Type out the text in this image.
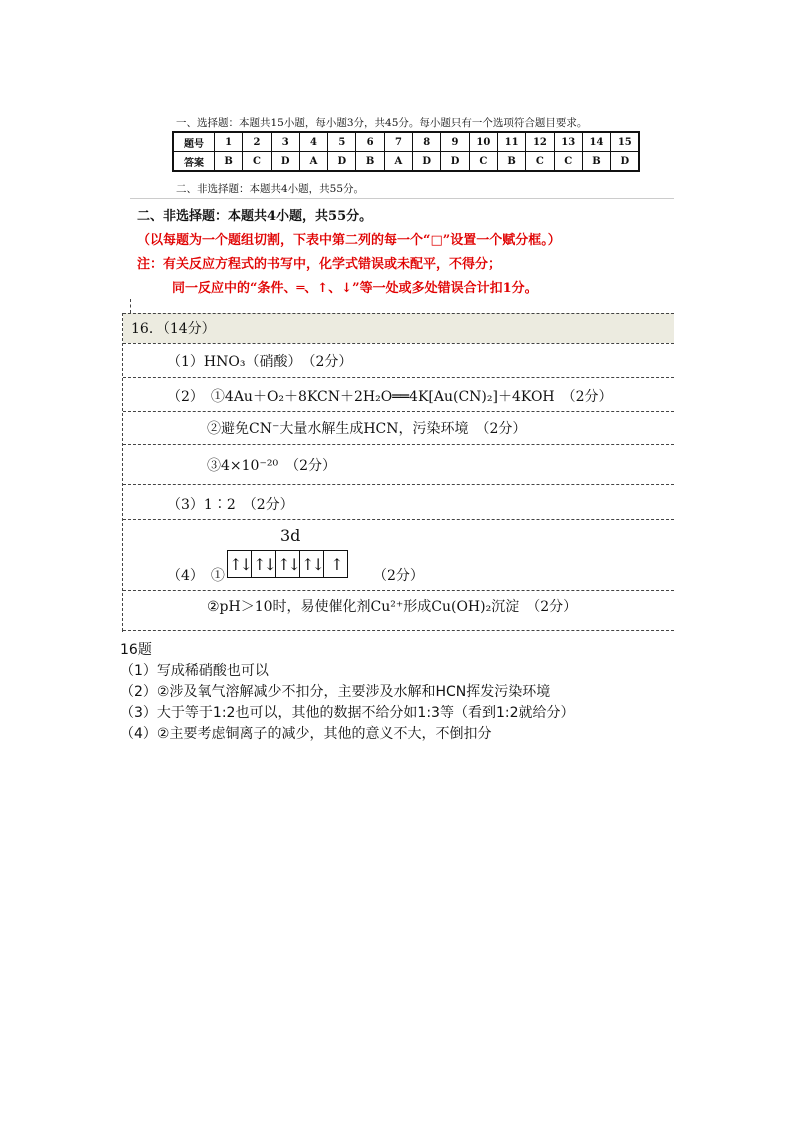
一、选择题：本题共15小题，每小题3分，共45分。每小题只有一个选项符合题目要求。
题号	1	2	3	4	5	6	7	8	9	10	11	12	13	14	15
答案	B	C	D	A	D	B	A	D	D	C	B	C	C	B	D
二、非选择题：本题共4小题，共55分。
二、非选择题：本题共4小题，共55分。
（以每题为一个题组切割，下表中第二列的每一个“□”设置一个赋分框。）
注：有关反应方程式的书写中，化学式错误或未配平，不得分；
同一反应中的“条件、═、↑、↓”等一处或多处错误合计扣1分。
16．（14分）
（1）HNO₃（硝酸）　（2分）
（2）　①4Au＋O₂＋8KCN＋2H₂O══4K[Au(CN)₂]＋4KOH　（2分）
②避免CN⁻大量水解生成HCN，污染环境　（2分）
③4×10⁻²⁰　（2分）
（3）1∶2　（2分）
3d
（4）　①
↑↓ ↑↓ ↑↓ ↑↓ ↑
（2分）
②pH＞10时，易使催化剂Cu²⁺形成Cu(OH)₂沉淀　（2分）
16题
（1）写成稀硝酸也可以
（2）②涉及氧气溶解减少不扣分，主要涉及水解和HCN挥发污染环境
（3）大于等于1:2也可以，其他的数据不给分如1:3等（看到1:2就给分）
（4）②主要考虑铜离子的减少，其他的意义不大，不倒扣分
